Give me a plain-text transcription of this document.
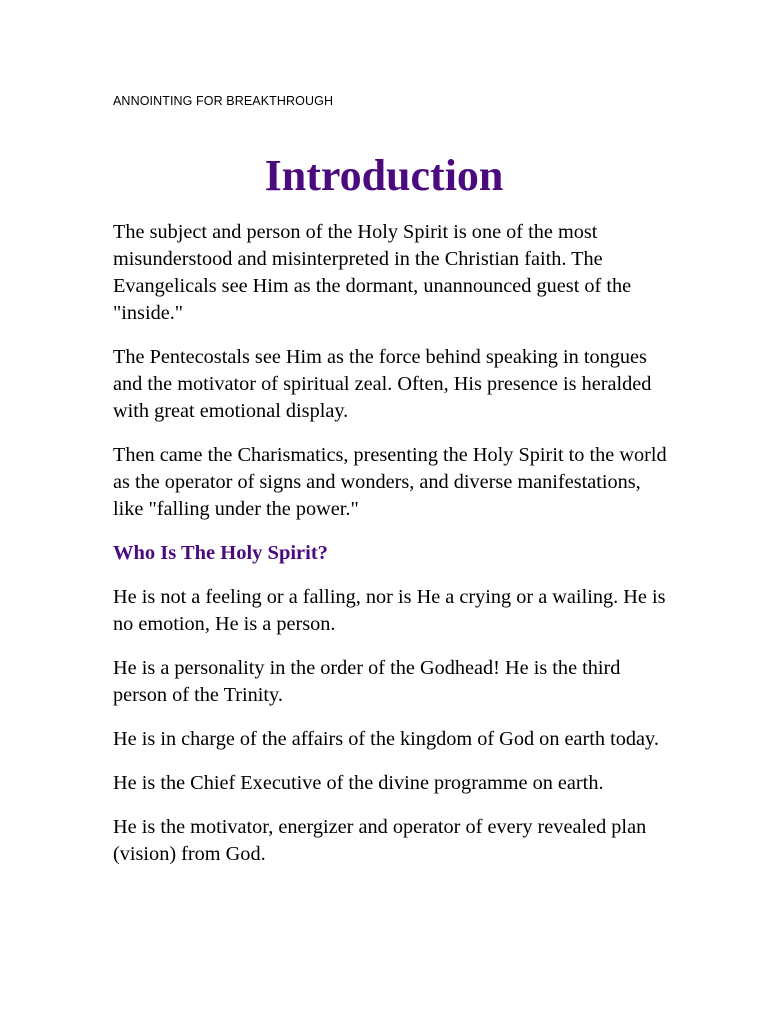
ANNOINTING FOR BREAKTHROUGH

Introduction

The subject and person of the Holy Spirit is one of the most misunderstood and misinterpreted in the Christian faith. The Evangelicals see Him as the dormant, unannounced guest of the "inside."

The Pentecostals see Him as the force behind speaking in tongues and the motivator of spiritual zeal. Often, His presence is heralded with great emotional display.

Then came the Charismatics, presenting the Holy Spirit to the world as the operator of signs and wonders, and diverse manifestations, like "falling under the power."

Who Is The Holy Spirit?

He is not a feeling or a falling, nor is He a crying or a wailing. He is no emotion, He is a person.

He is a personality in the order of the Godhead! He is the third person of the Trinity.

He is in charge of the affairs of the kingdom of God on earth today.

He is the Chief Executive of the divine programme on earth.

He is the motivator, energizer and operator of every revealed plan (vision) from God.
